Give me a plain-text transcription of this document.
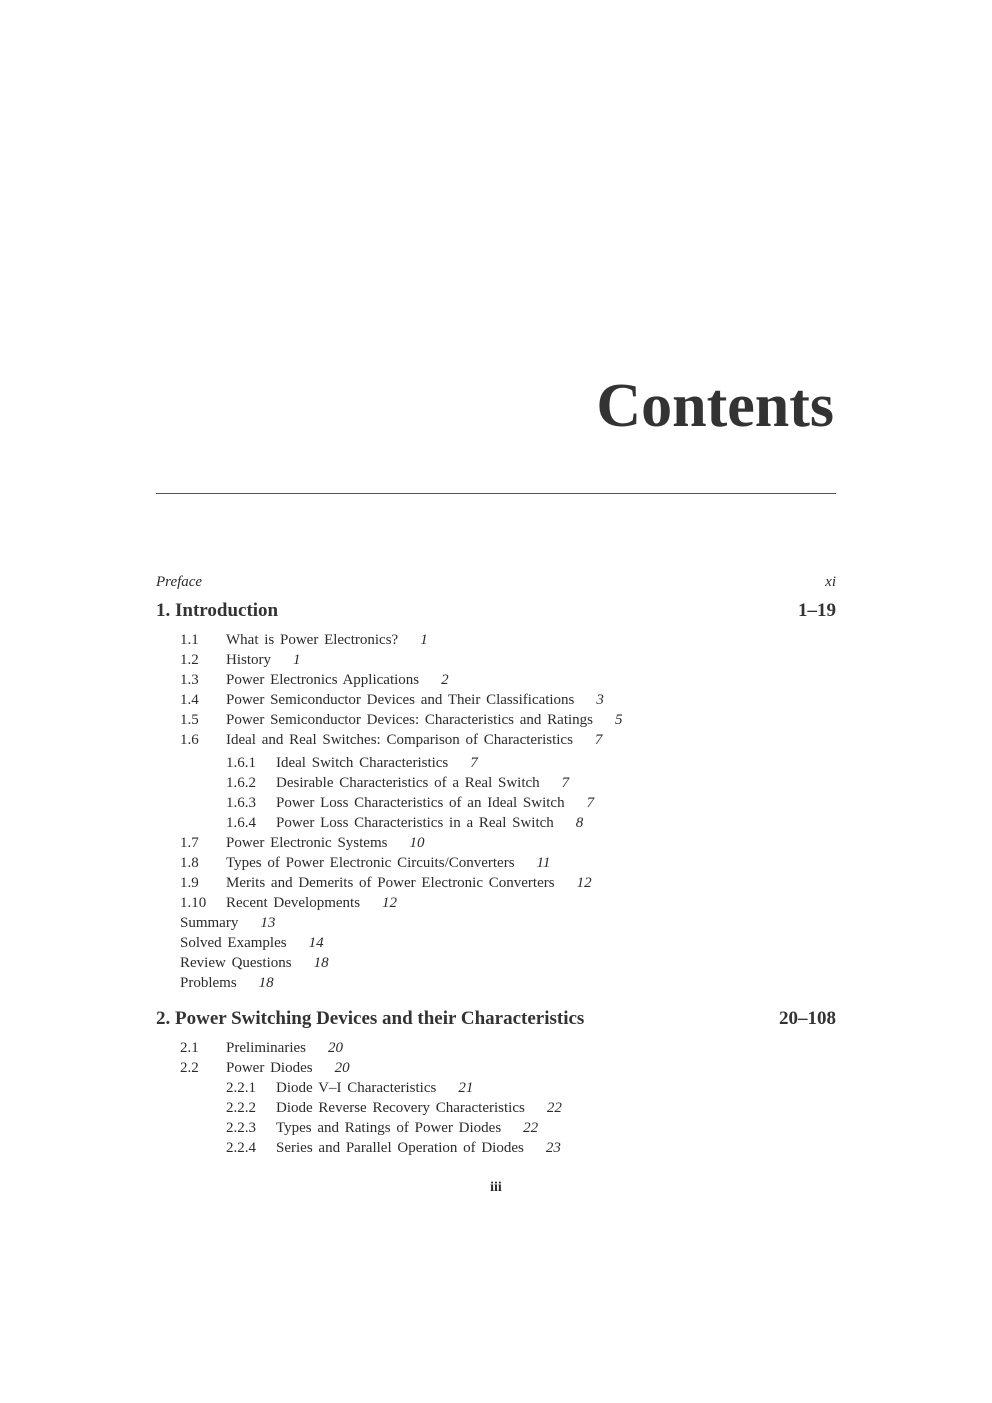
Contents
Preface	xi
1. Introduction	1–19
1.1 What is Power Electronics? 1
1.2 History 1
1.3 Power Electronics Applications 2
1.4 Power Semiconductor Devices and Their Classifications 3
1.5 Power Semiconductor Devices: Characteristics and Ratings 5
1.6 Ideal and Real Switches: Comparison of Characteristics 7
1.6.1 Ideal Switch Characteristics 7
1.6.2 Desirable Characteristics of a Real Switch 7
1.6.3 Power Loss Characteristics of an Ideal Switch 7
1.6.4 Power Loss Characteristics in a Real Switch 8
1.7 Power Electronic Systems 10
1.8 Types of Power Electronic Circuits/Converters 11
1.9 Merits and Demerits of Power Electronic Converters 12
1.10 Recent Developments 12
Summary 13
Solved Examples 14
Review Questions 18
Problems 18
2. Power Switching Devices and their Characteristics	20–108
2.1 Preliminaries 20
2.2 Power Diodes 20
2.2.1 Diode V–I Characteristics 21
2.2.2 Diode Reverse Recovery Characteristics 22
2.2.3 Types and Ratings of Power Diodes 22
2.2.4 Series and Parallel Operation of Diodes 23
iii
